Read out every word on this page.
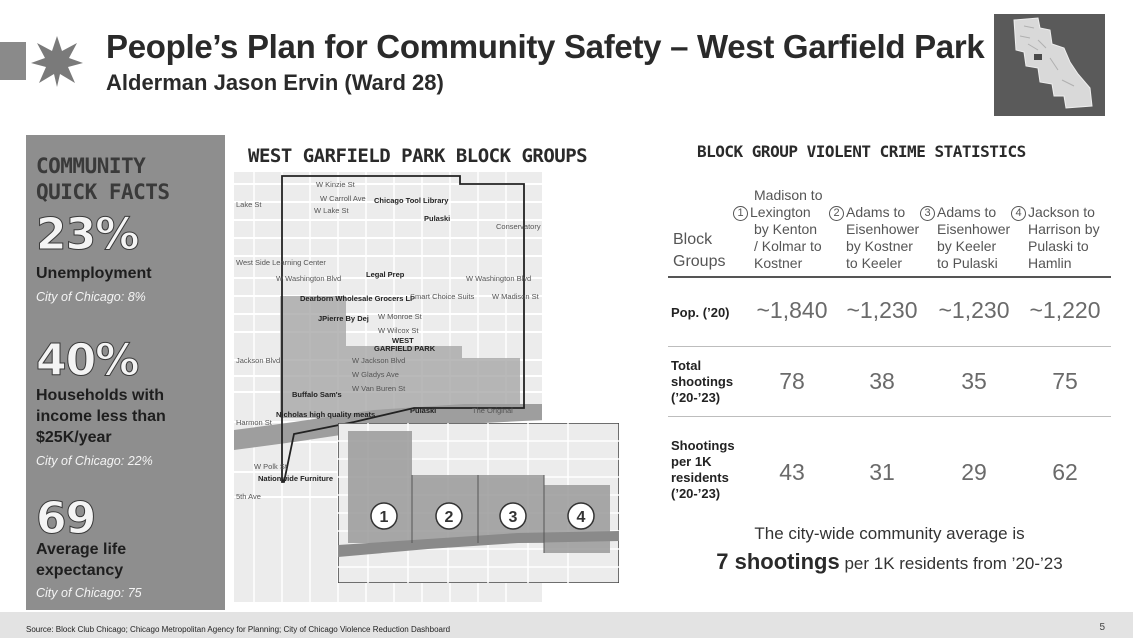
People’s Plan for Community Safety – West Garfield Park
Alderman Jason Ervin (Ward 28)
COMMUNITY
QUICK FACTS
23%
Unemployment
City of Chicago: 8%
40%
Households with income less than $25K/year
City of Chicago: 22%
69
Average life expectancy
City of Chicago: 75
WEST GARFIELD PARK BLOCK GROUPS
W Kinzie St
W Carroll Ave
Lake St
W Lake St
Chicago Tool Library
Pulaski
Conservatory
West Side Learning Center
W Washington Blvd	Legal Prep	W Washington Blvd
Dearborn Wholesale Grocers LP
Smart Choice Suits W Madison St
JPierre By Dej W Monroe St
W Wilcox St
WEST
GARFIELD PARK
W Jackson Blvd
Jackson Blvd
W Gladys Ave
W Van Buren St
Buffalo Sam's
Nicholas high quality meats	Pulaski	The Original
Harmon St
W Polk St
Nationwide Furniture
5th Ave
1	2	3	4
BLOCK GROUP VIOLENT CRIME STATISTICS
Block
Groups
Madison to
1 Lexington
by Kenton
/ Kolmar to
Kostner
2 Adams to
Eisenhower
by Kostner
to Keeler
3 Adams to
Eisenhower
by Keeler
to Pulaski
4 Jackson to
Harrison by
Pulaski to
Hamlin
Pop. (’20)	~1,840 ~1,230 ~1,230 ~1,220
Total
shootings
(’20-’23)
78	38	35	75
Shootings
per 1K
residents
(’20-’23)
43	31	29	62
The city-wide community average is
7 shootings per 1K residents from ’20-’23
Source: Block Club Chicago; Chicago Metropolitan Agency for Planning; City of Chicago Violence Reduction Dashboard	5
